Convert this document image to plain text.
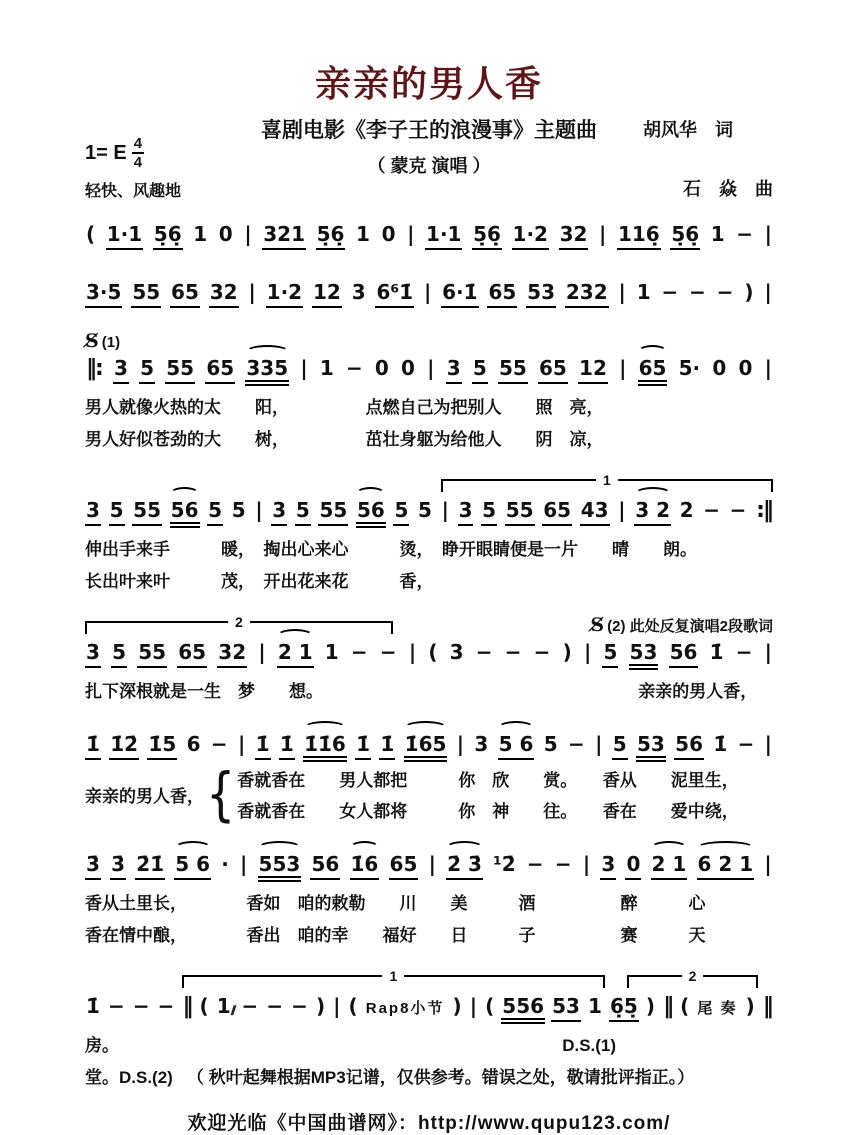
亲亲的男人香
喜剧电影《李子王的浪漫事》主题曲
（ 蒙克 演唱 ）
胡风华　词

石　焱　曲

1= E $\frac{4}{4}$
轻快、风趣地
( 1·1 5̣6̣ 1 0 | 321 5̣6̣ 1 0 | 1·1 5̣6̣ 1·2 32 | 116̣ 5̣6̣ 1 − |
3·5 55 65 32 | 1·2 12 3 6⁶1̇ | 6·1̇ 65 53 232 | 1 − − − ) |
S̸ (1)
‖: 3 5 55 65 335 | 1 − 0 0 | 3 5 55 65 12 | 65 5· 0 0 |
男人就像火热的太　　阳，　　　　　点燃自己为把别人　　照　亮，　
男人好似苍劲的大　　树，　　　　　茁壮身躯为给他人　　阴　凉，　
1
3 5 55 56 5 5 | 3 5 55 56 5 5 | 3 5 55 65 43 | 3 2 2 − − :‖
伸出手来手　　　暖，　掏出心来心　　　烫，　睁开眼睛便是一片　　晴　　朗。
长出叶来叶　　　茂，　开出花来花　　　香，
2	S̸ (2) 此处反复演唱2段歌词
3 5 55 65 32 | 2 1 1 − − | ( 3 − − − ) | 5 53 56 1̇ − |
扎下深根就是一生　梦　　想。	亲亲的男人香，
1̇ 1̇2̇ 1̇5 6 − | 1̇ 1̇ 1̇1̇6 1̇ 1̇ 1̇65 | 3 5 6 5 − | 5 53 56 1̇ − |
亲亲的男人香， { 香就香在　　男人都把　　　你　欣　　赏。　　香从　　泥里生，
香就香在　　女人都将　　　你　神　　往。　　香在　　爱中绕，
3̇ 3̇ 2̇1̇ 5 6 · | 553 56 1̇6 65 | 2̇ 3̇ ¹2̇ − − | 3 0 2 1 6 2 1 |
香从土里长，　　　　香如　咱的敕勒　　川　　美　　　酒　　　　　醉　　　心
香在情中酿，　　　　香出　咱的幸　　福好　　日　　　子　　　　　赛　　　天
1	2
1̇ − − − ‖ ( 1 ∕∕ − − − ) | ( Rap8小节 ) | ( 556 53 1 6̣5̣ ) ‖ ( 尾 奏 ) ‖
房。	D.S.(1)
堂。D.S.(2) （ 秋叶起舞根据MP3记谱，仅供参考。错误之处，敬请批评指正。）
欢迎光临《中国曲谱网》：http://www.qupu123.com/
